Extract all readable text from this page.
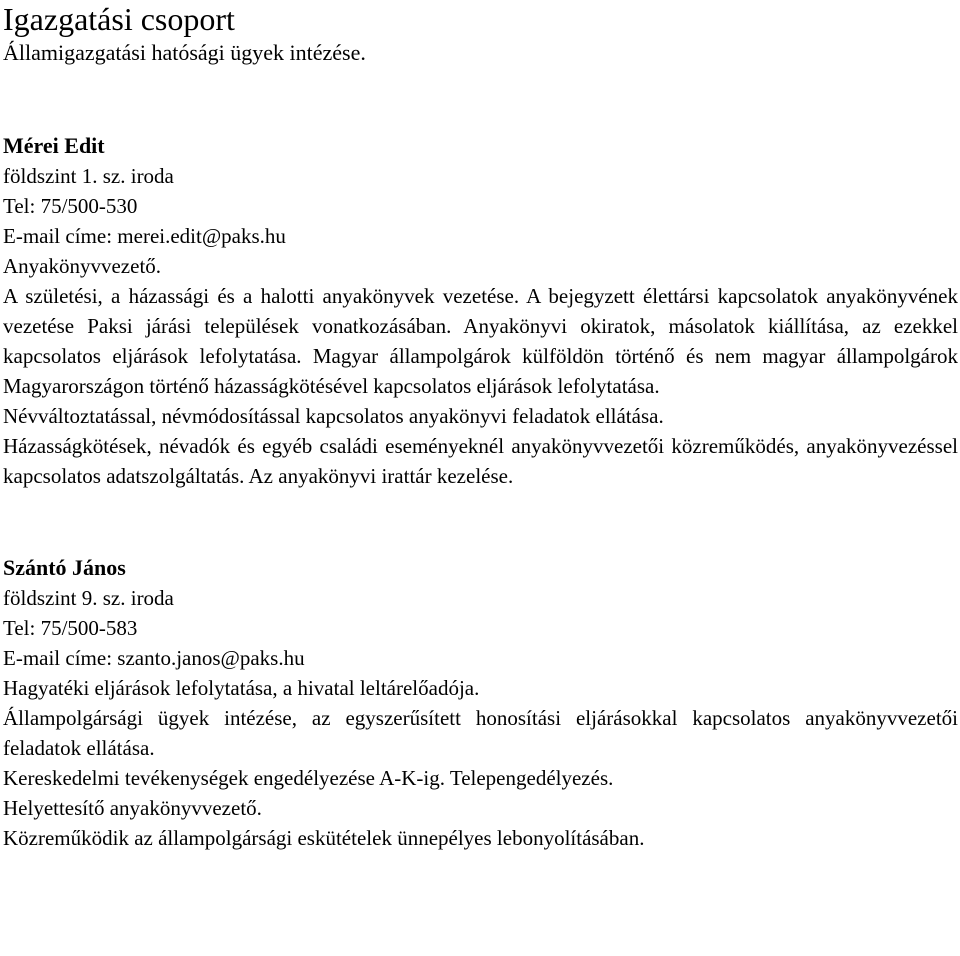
Igazgatási csoport

Államigazgatási hatósági ügyek intézése.

Mérei Edit

földszint 1. sz. iroda

Tel: 75/500-530

E-mail címe: merei.edit@paks.hu

Anyakönyvvezető.

A születési, a házassági és a halotti anyakönyvek vezetése. A bejegyzett élettársi kapcsolatok anyakönyvének vezetése Paksi járási települések vonatkozásában. Anyakönyvi okiratok, másolatok kiállítása, az ezekkel kapcsolatos eljárások lefolytatása. Magyar állampolgárok külföldön történő és nem magyar állampolgárok Magyarországon történő házasságkötésével kapcsolatos eljárások lefolytatása.

Névváltoztatással, névmódosítással kapcsolatos anyakönyvi feladatok ellátása.

Házasságkötések, névadók és egyéb családi eseményeknél anyakönyvvezetői közreműködés, anyakönyvezéssel kapcsolatos adatszolgáltatás. Az anyakönyvi irattár kezelése.

Szántó János

földszint 9. sz. iroda

Tel: 75/500-583

E-mail címe: szanto.janos@paks.hu

Hagyatéki eljárások lefolytatása, a hivatal leltárelőadója.

Állampolgársági ügyek intézése, az egyszerűsített honosítási eljárásokkal kapcsolatos anyakönyvvezetői feladatok ellátása.

Kereskedelmi tevékenységek engedélyezése A-K-ig. Telepengedélyezés.

Helyettesítő anyakönyvvezető.

Közreműködik az állampolgársági eskütételek ünnepélyes lebonyolításában.
